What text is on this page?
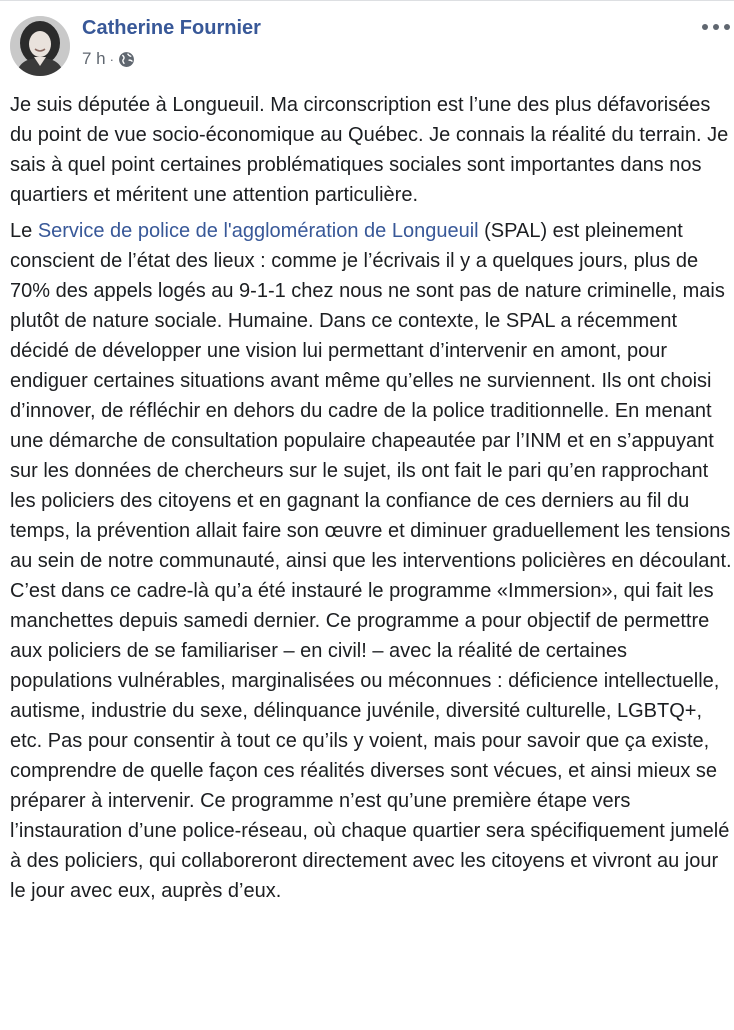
Catherine Fournier
7 h ·

Je suis députée à Longueuil. Ma circonscription est l’une des plus défavorisées du point de vue socio-économique au Québec. Je connais la réalité du terrain. Je sais à quel point certaines problématiques sociales sont importantes dans nos quartiers et méritent une attention particulière.

Le Service de police de l'agglomération de Longueuil (SPAL) est pleinement conscient de l’état des lieux : comme je l’écrivais il y a quelques jours, plus de 70% des appels logés au 9-1-1 chez nous ne sont pas de nature criminelle, mais plutôt de nature sociale. Humaine. Dans ce contexte, le SPAL a récemment décidé de développer une vision lui permettant d’intervenir en amont, pour endiguer certaines situations avant même qu’elles ne surviennent. Ils ont choisi d’innover, de réfléchir en dehors du cadre de la police traditionnelle. En menant une démarche de consultation populaire chapeautée par l’INM et en s’appuyant sur les données de chercheurs sur le sujet, ils ont fait le pari qu’en rapprochant les policiers des citoyens et en gagnant la confiance de ces derniers au fil du temps, la prévention allait faire son œuvre et diminuer graduellement les tensions au sein de notre communauté, ainsi que les interventions policières en découlant. C’est dans ce cadre-là qu’a été instauré le programme «Immersion», qui fait les manchettes depuis samedi dernier. Ce programme a pour objectif de permettre aux policiers de se familiariser – en civil! – avec la réalité de certaines populations vulnérables, marginalisées ou méconnues : déficience intellectuelle, autisme, industrie du sexe, délinquance juvénile, diversité culturelle, LGBTQ+, etc. Pas pour consentir à tout ce qu’ils y voient, mais pour savoir que ça existe, comprendre de quelle façon ces réalités diverses sont vécues, et ainsi mieux se préparer à intervenir. Ce programme n’est qu’une première étape vers l’instauration d’une police-réseau, où chaque quartier sera spécifiquement jumelé à des policiers, qui collaboreront directement avec les citoyens et vivront au jour le jour avec eux, auprès d’eux.
